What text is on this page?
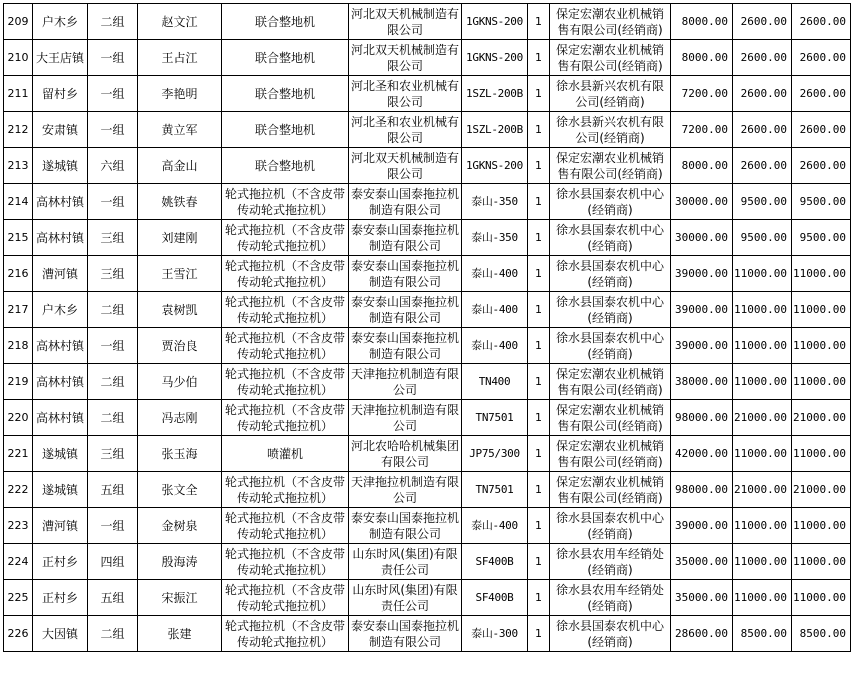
209	户木乡	二组	赵文江	联合整地机	河北双天机械制造有限公司	1GKNS-200	1	保定宏潮农业机械销售有限公司(经销商)	8000.00	2600.00	2600.00
210	大王店镇	一组	王占江	联合整地机	河北双天机械制造有限公司	1GKNS-200	1	保定宏潮农业机械销售有限公司(经销商)	8000.00	2600.00	2600.00
211	留村乡	一组	李艳明	联合整地机	河北圣和农业机械有限公司	1SZL-200B	1	徐水县新兴农机有限公司(经销商)	7200.00	2600.00	2600.00
212	安肃镇	一组	黄立军	联合整地机	河北圣和农业机械有限公司	1SZL-200B	1	徐水县新兴农机有限公司(经销商)	7200.00	2600.00	2600.00
213	遂城镇	六组	高金山	联合整地机	河北双天机械制造有限公司	1GKNS-200	1	保定宏潮农业机械销售有限公司(经销商)	8000.00	2600.00	2600.00
214	高林村镇	一组	姚铁春	轮式拖拉机（不含皮带传动轮式拖拉机）	泰安泰山国泰拖拉机制造有限公司	泰山-350	1	徐水县国泰农机中心(经销商)	30000.00	9500.00	9500.00
215	高林村镇	三组	刘建刚	轮式拖拉机（不含皮带传动轮式拖拉机）	泰安泰山国泰拖拉机制造有限公司	泰山-350	1	徐水县国泰农机中心(经销商)	30000.00	9500.00	9500.00
216	漕河镇	三组	王雪江	轮式拖拉机（不含皮带传动轮式拖拉机）	泰安泰山国泰拖拉机制造有限公司	泰山-400	1	徐水县国泰农机中心(经销商)	39000.00	11000.00	11000.00
217	户木乡	二组	袁树凯	轮式拖拉机（不含皮带传动轮式拖拉机）	泰安泰山国泰拖拉机制造有限公司	泰山-400	1	徐水县国泰农机中心(经销商)	39000.00	11000.00	11000.00
218	高林村镇	一组	贾治良	轮式拖拉机（不含皮带传动轮式拖拉机）	泰安泰山国泰拖拉机制造有限公司	泰山-400	1	徐水县国泰农机中心(经销商)	39000.00	11000.00	11000.00
219	高林村镇	二组	马少伯	轮式拖拉机（不含皮带传动轮式拖拉机）	天津拖拉机制造有限公司	TN400	1	保定宏潮农业机械销售有限公司(经销商)	38000.00	11000.00	11000.00
220	高林村镇	二组	冯志刚	轮式拖拉机（不含皮带传动轮式拖拉机）	天津拖拉机制造有限公司	TN7501	1	保定宏潮农业机械销售有限公司(经销商)	98000.00	21000.00	21000.00
221	遂城镇	三组	张玉海	喷灌机	河北农哈哈机械集团有限公司	JP75/300	1	保定宏潮农业机械销售有限公司(经销商)	42000.00	11000.00	11000.00
222	遂城镇	五组	张文全	轮式拖拉机（不含皮带传动轮式拖拉机）	天津拖拉机制造有限公司	TN7501	1	保定宏潮农业机械销售有限公司(经销商)	98000.00	21000.00	21000.00
223	漕河镇	一组	金树泉	轮式拖拉机（不含皮带传动轮式拖拉机）	泰安泰山国泰拖拉机制造有限公司	泰山-400	1	徐水县国泰农机中心(经销商)	39000.00	11000.00	11000.00
224	正村乡	四组	殷海涛	轮式拖拉机（不含皮带传动轮式拖拉机）	山东时风(集团)有限责任公司	SF400B	1	徐水县农用车经销处(经销商)	35000.00	11000.00	11000.00
225	正村乡	五组	宋振江	轮式拖拉机（不含皮带传动轮式拖拉机）	山东时风(集团)有限责任公司	SF400B	1	徐水县农用车经销处(经销商)	35000.00	11000.00	11000.00
226	大因镇	二组	张建	轮式拖拉机（不含皮带传动轮式拖拉机）	泰安泰山国泰拖拉机制造有限公司	泰山-300	1	徐水县国泰农机中心(经销商)	28600.00	8500.00	8500.00
